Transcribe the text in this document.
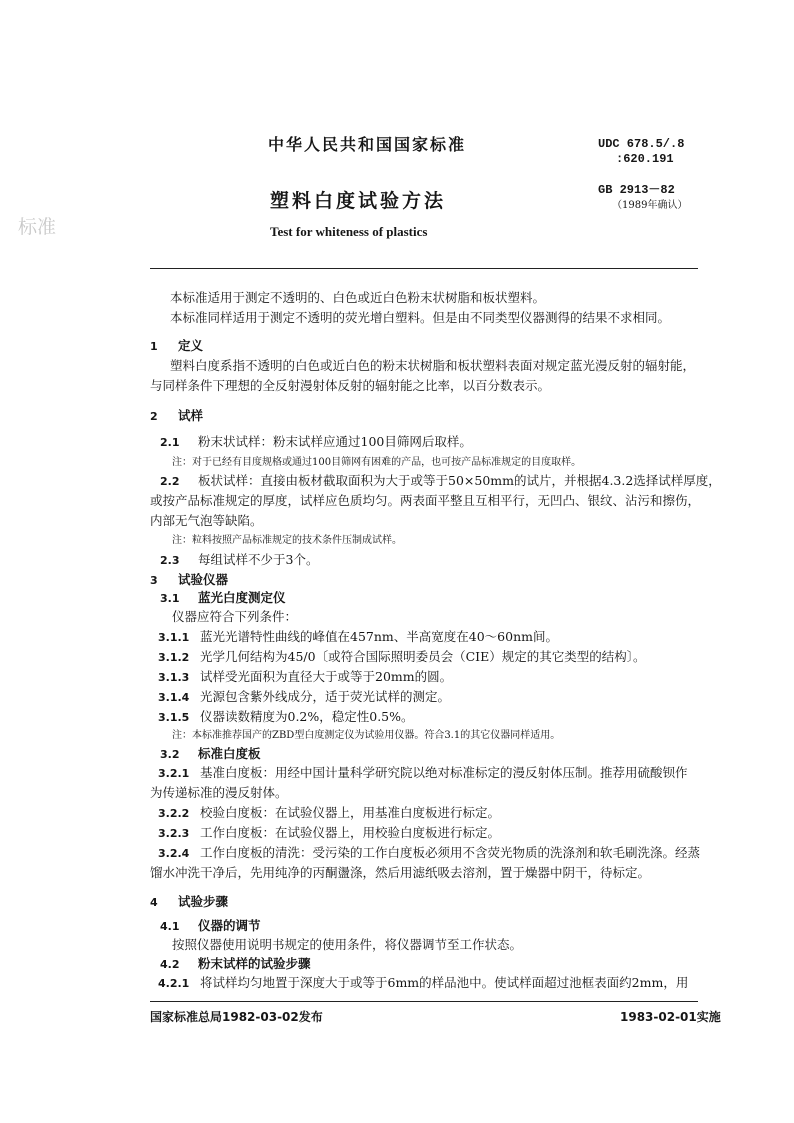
标准
中华人民共和国国家标准	UDC 678.5/.8
:620.191
塑料白度试验方法	GB 2913－82
（1989年确认）
Test for whiteness of plastics
本标准适用于测定不透明的、白色或近白色粉末状树脂和板状塑料。
本标准同样适用于测定不透明的荧光增白塑料。但是由不同类型仪器测得的结果不求相同。
1 定义
塑料白度系指不透明的白色或近白色的粉末状树脂和板状塑料表面对规定蓝光漫反射的辐射能，
与同样条件下理想的全反射漫射体反射的辐射能之比率，以百分数表示。
2 试样
2.1 粉末状试样：粉末试样应通过100目筛网后取样。
注：对于已经有目度规格或通过100目筛网有困难的产品，也可按产品标准规定的目度取样。
2.2 板状试样：直接由板材截取面积为大于或等于50×50mm的试片，并根据4.3.2选择试样厚度，
或按产品标准规定的厚度，试样应色质均匀。两表面平整且互相平行，无凹凸、银纹、沾污和擦伤，
内部无气泡等缺陷。
注：粒料按照产品标准规定的技术条件压制成试样。
2.3 每组试样不少于3个。
3 试验仪器
3.1 蓝光白度测定仪
仪器应符合下列条件：
3.1.1 蓝光光谱特性曲线的峰值在457nm、半高宽度在40～60nm间。
3.1.2 光学几何结构为45/0〔或符合国际照明委员会（CIE）规定的其它类型的结构〕。
3.1.3 试样受光面积为直径大于或等于20mm的圆。
3.1.4 光源包含紫外线成分，适于荧光试样的测定。
3.1.5 仪器读数精度为0.2%，稳定性0.5%。
注：本标准推荐国产的ZBD型白度测定仪为试验用仪器。符合3.1的其它仪器同样适用。
3.2 标准白度板
3.2.1 基准白度板：用经中国计量科学研究院以绝对标准标定的漫反射体压制。推荐用硫酸钡作
为传递标准的漫反射体。
3.2.2 校验白度板：在试验仪器上，用基准白度板进行标定。
3.2.3 工作白度板：在试验仪器上，用校验白度板进行标定。
3.2.4 工作白度板的清洗：受污染的工作白度板必须用不含荧光物质的洗涤剂和软毛刷洗涤。经蒸
馏水冲洗干净后，先用纯净的丙酮盪涤，然后用滤纸吸去溶剂，置于燥器中阴干，待标定。
4 试验步骤
4.1 仪器的调节
按照仪器使用说明书规定的使用条件，将仪器调节至工作状态。
4.2 粉末试样的试验步骤
4.2.1 将试样均匀地置于深度大于或等于6mm的样品池中。使试样面超过池框表面约2mm，用
国家标准总局1982-03-02发布	1983-02-01实施
